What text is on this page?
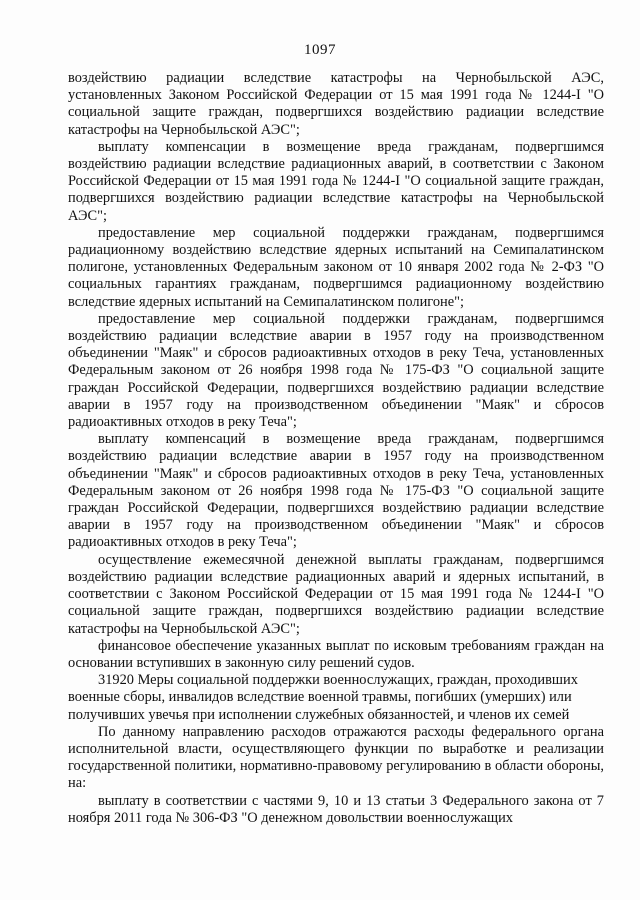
1097

воздействию радиации вследствие катастрофы на Чернобыльской АЭС, установленных Законом Российской Федерации от 15 мая 1991 года № 1244-I "О социальной защите граждан, подвергшихся воздействию радиации вследствие катастрофы на Чернобыльской АЭС";

выплату компенсации в возмещение вреда гражданам, подвергшимся воздействию радиации вследствие радиационных аварий, в соответствии с Законом Российской Федерации от 15 мая 1991 года № 1244-I "О социальной защите граждан, подвергшихся воздействию радиации вследствие катастрофы на Чернобыльской АЭС";

предоставление мер социальной поддержки гражданам, подвергшимся радиационному воздействию вследствие ядерных испытаний на Семипалатинском полигоне, установленных Федеральным законом от 10 января 2002 года № 2-ФЗ "О социальных гарантиях гражданам, подвергшимся радиационному воздействию вследствие ядерных испытаний на Семипалатинском полигоне";

предоставление мер социальной поддержки гражданам, подвергшимся воздействию радиации вследствие аварии в 1957 году на производственном объединении "Маяк" и сбросов радиоактивных отходов в реку Теча, установленных Федеральным законом от 26 ноября 1998 года № 175-ФЗ "О социальной защите граждан Российской Федерации, подвергшихся воздействию радиации вследствие аварии в 1957 году на производственном объединении "Маяк" и сбросов радиоактивных отходов в реку Теча";

выплату компенсаций в возмещение вреда гражданам, подвергшимся воздействию радиации вследствие аварии в 1957 году на производственном объединении "Маяк" и сбросов радиоактивных отходов в реку Теча, установленных Федеральным законом от 26 ноября 1998 года № 175-ФЗ "О социальной защите граждан Российской Федерации, подвергшихся воздействию радиации вследствие аварии в 1957 году на производственном объединении "Маяк" и сбросов радиоактивных отходов в реку Теча";

осуществление ежемесячной денежной выплаты гражданам, подвергшимся воздействию радиации вследствие радиационных аварий и ядерных испытаний, в соответствии с Законом Российской Федерации от 15 мая 1991 года № 1244-I "О социальной защите граждан, подвергшихся воздействию радиации вследствие катастрофы на Чернобыльской АЭС";

финансовое обеспечение указанных выплат по исковым требованиям граждан на основании вступивших в законную силу решений судов.

31920 Меры социальной поддержки военнослужащих, граждан, проходивших военные сборы, инвалидов вследствие военной травмы, погибших (умерших) или получивших увечья при исполнении служебных обязанностей, и членов их семей

По данному направлению расходов отражаются расходы федерального органа исполнительной власти, осуществляющего функции по выработке и реализации государственной политики, нормативно-правовому регулированию в области обороны, на:

выплату в соответствии с частями 9, 10 и 13 статьи 3 Федерального закона от 7 ноября 2011 года № 306-ФЗ "О денежном довольствии военнослужащих
